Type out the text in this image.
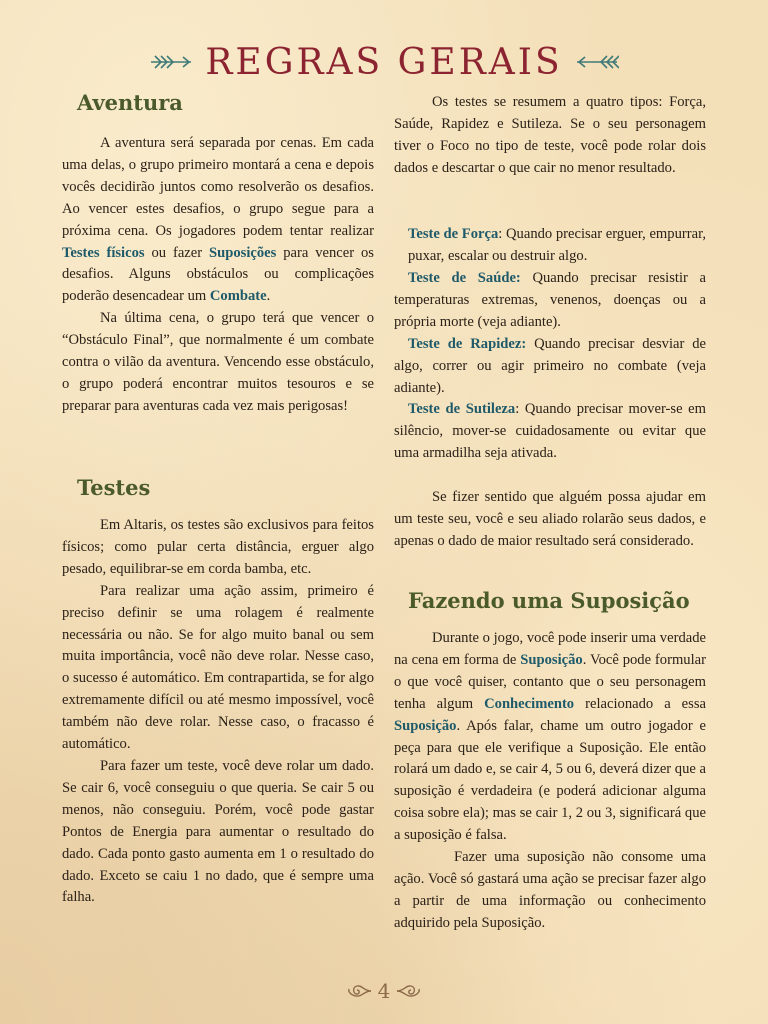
REGRAS GERAIS
Aventura

A aventura será separada por cenas. Em cada uma delas, o grupo primeiro montará a cena e depois vocês decidirão juntos como resolverão os desafios. Ao vencer estes desafios, o grupo segue para a próxima cena. Os jogadores podem tentar realizar Testes físicos ou fazer Suposições para vencer os desafios. Alguns obstáculos ou complicações poderão desencadear um Combate.

Na última cena, o grupo terá que vencer o “Obstáculo Final”, que normalmente é um combate contra o vilão da aventura. Vencendo esse obstáculo, o grupo poderá encontrar muitos tesouros e se preparar para aventuras cada vez mais perigosas!

Testes

Em Altaris, os testes são exclusivos para feitos físicos; como pular certa distância, erguer algo pesado, equilibrar-se em corda bamba, etc.

Para realizar uma ação assim, primeiro é preciso definir se uma rolagem é realmente necessária ou não. Se for algo muito banal ou sem muita importância, você não deve rolar. Nesse caso, o sucesso é automático. Em contrapartida, se for algo extremamente difícil ou até mesmo impossível, você também não deve rolar. Nesse caso, o fracasso é automático.

Para fazer um teste, você deve rolar um dado. Se cair 6, você conseguiu o que queria. Se cair 5 ou menos, não conseguiu. Porém, você pode gastar Pontos de Energia para aumentar o resultado do dado. Cada ponto gasto aumenta em 1 o resultado do dado. Exceto se caiu 1 no dado, que é sempre uma falha.

Os testes se resumem a quatro tipos: Força, Saúde, Rapidez e Sutileza. Se o seu personagem tiver o Foco no tipo de teste, você pode rolar dois dados e descartar o que cair no menor resultado.

Teste de Força: Quando precisar erguer, empurrar, puxar, escalar ou destruir algo.

Teste de Saúde: Quando precisar resistir a temperaturas extremas, venenos, doenças ou a própria morte (veja adiante).

Teste de Rapidez: Quando precisar desviar de algo, correr ou agir primeiro no combate (veja adiante).

Teste de Sutileza: Quando precisar mover-se em silêncio, mover-se cuidadosamente ou evitar que uma armadilha seja ativada.

Se fizer sentido que alguém possa ajudar em um teste seu, você e seu aliado rolarão seus dados, e apenas o dado de maior resultado será considerado.

Fazendo uma Suposição

Durante o jogo, você pode inserir uma verdade na cena em forma de Suposição. Você pode formular o que você quiser, contanto que o seu personagem tenha algum Conhecimento relacionado a essa Suposição. Após falar, chame um outro jogador e peça para que ele verifique a Suposição. Ele então rolará um dado e, se cair 4, 5 ou 6, deverá dizer que a suposição é verdadeira (e poderá adicionar alguma coisa sobre ela); mas se cair 1, 2 ou 3, significará que a suposição é falsa.

Fazer uma suposição não consome uma ação. Você só gastará uma ação se precisar fazer algo a partir de uma informação ou conhecimento adquirido pela Suposição.

4
